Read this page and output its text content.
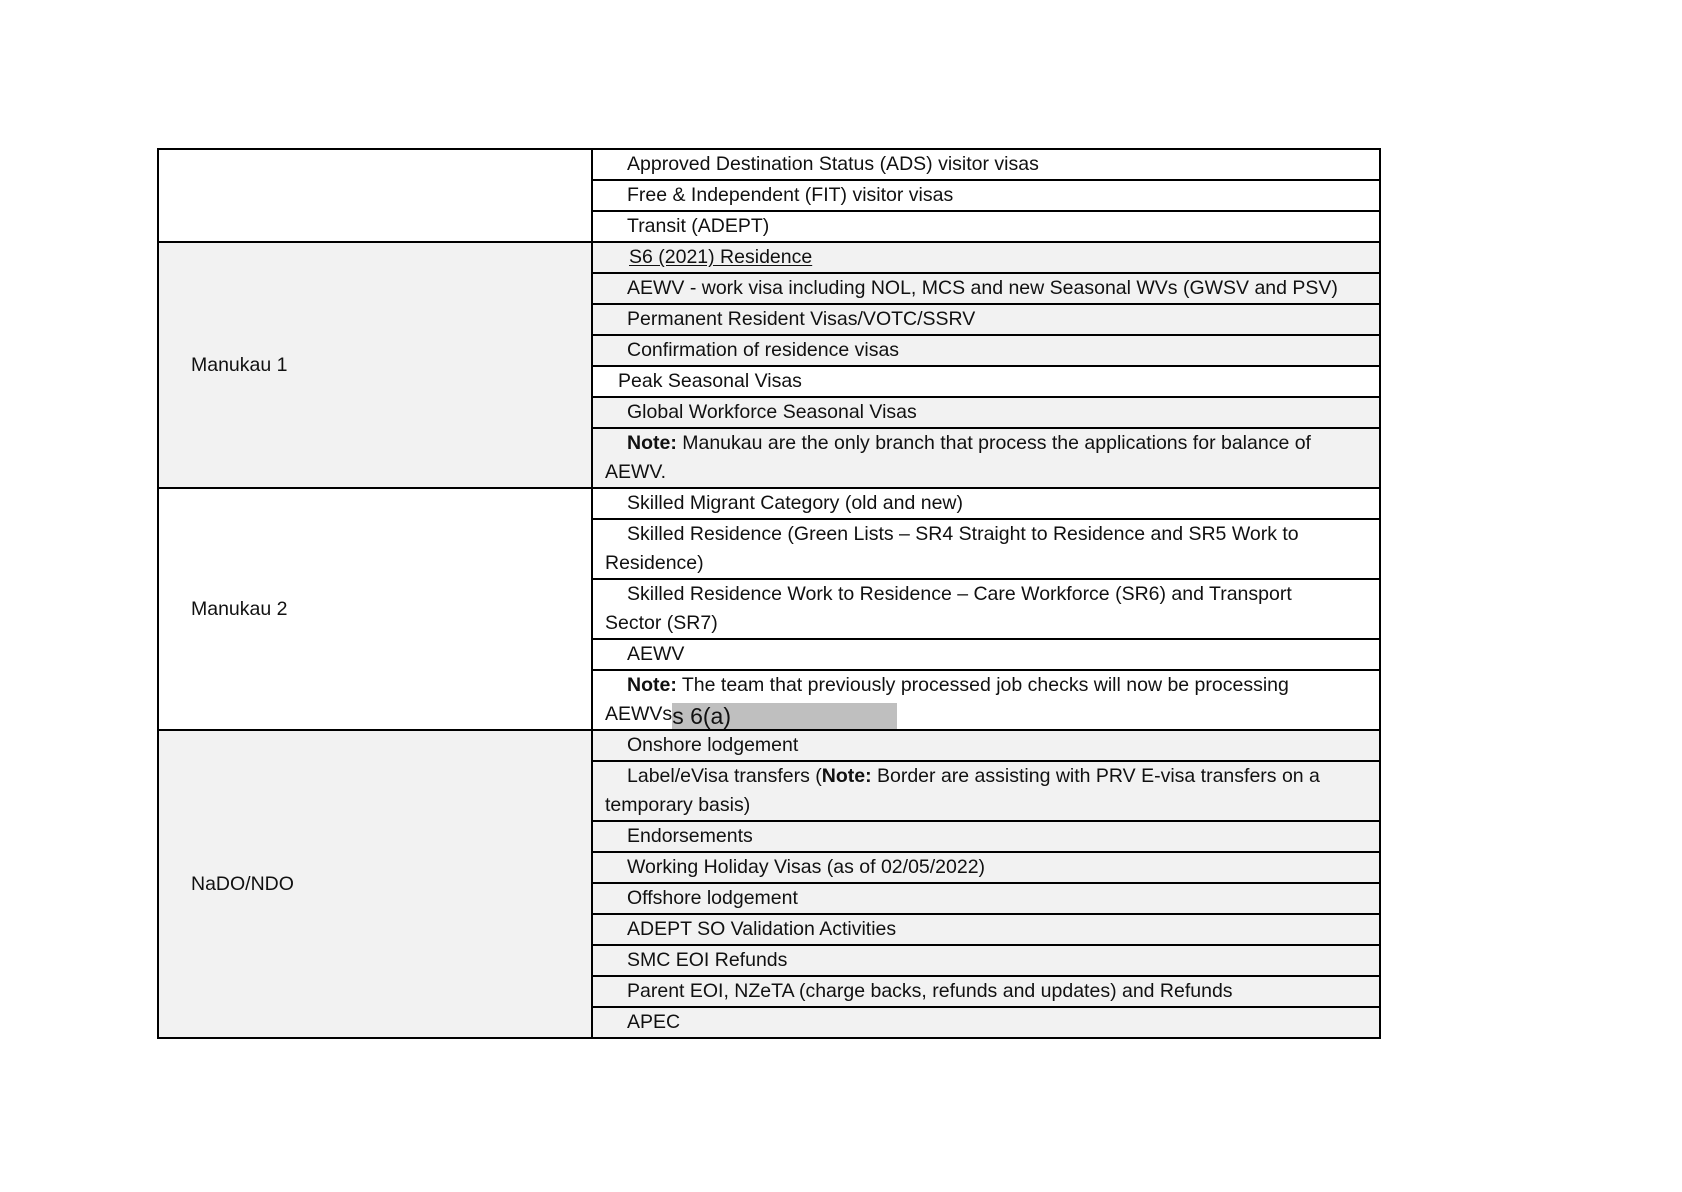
	Approved Destination Status (ADS) visitor visas
	Free & Independent (FIT) visitor visas
	Transit (ADEPT)
Manukau 1	S6 (2021) Residence
	AEWV - work visa including NOL, MCS and new Seasonal WVs (GWSV and PSV)
	Permanent Resident Visas/VOTC/SSRV
	Confirmation of residence visas
	Peak Seasonal Visas
	Global Workforce Seasonal Visas
	Note: Manukau are the only branch that process the applications for balance of
AEWV.
Manukau 2	Skilled Migrant Category (old and new)
	Skilled Residence (Green Lists – SR4 Straight to Residence and SR5 Work to
Residence)
	Skilled Residence Work to Residence – Care Workforce (SR6) and Transport
Sector (SR7)
	AEWV
	Note: The team that previously processed job checks will now be processing
AEWVss 6(a)
NaDO/NDO	Onshore lodgement
	Label/eVisa transfers (Note: Border are assisting with PRV E-visa transfers on a
temporary basis)
	Endorsements
	Working Holiday Visas (as of 02/05/2022)
	Offshore lodgement
	ADEPT SO Validation Activities
	SMC EOI Refunds
	Parent EOI, NZeTA (charge backs, refunds and updates) and Refunds
	APEC
